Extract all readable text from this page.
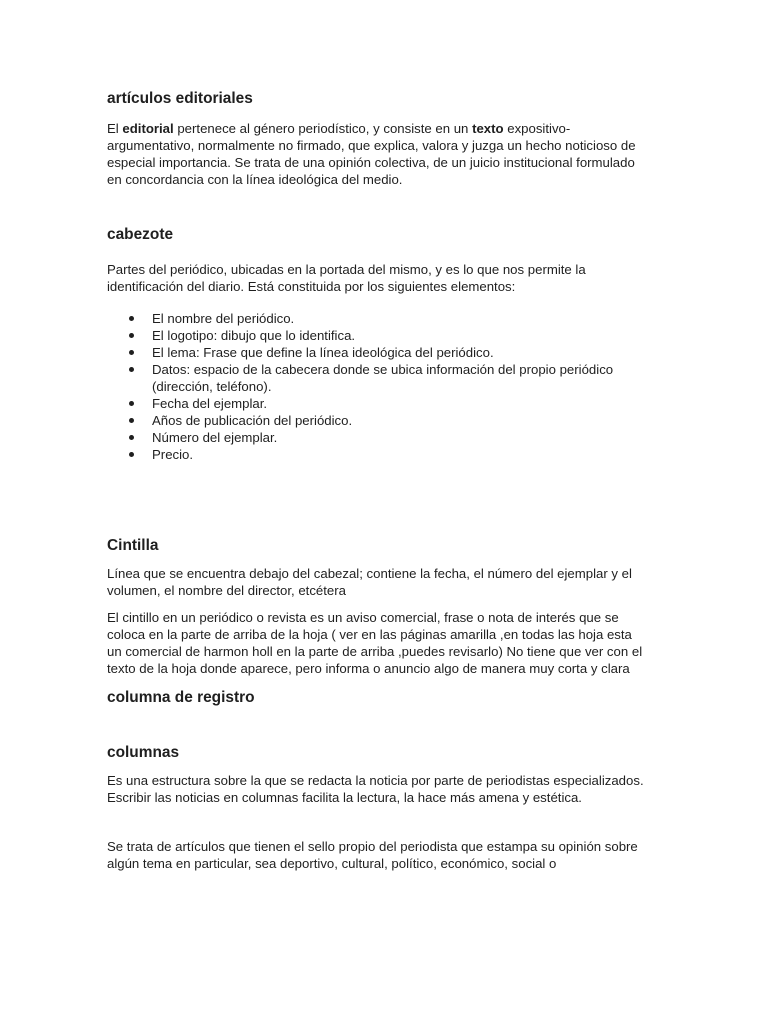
artículos editoriales

El editorial pertenece al género periodístico, y consiste en un texto expositivo-argumentativo, normalmente no firmado, que explica, valora y juzga un hecho noticioso de especial importancia. Se trata de una opinión colectiva, de un juicio institucional formulado en concordancia con la línea ideológica del medio.

cabezote

Partes del periódico, ubicadas en la portada del mismo, y es lo que nos permite la identificación del diario. Está constituida por los siguientes elementos:

El nombre del periódico.
El logotipo: dibujo que lo identifica.
El lema: Frase que define la línea ideológica del periódico.
Datos: espacio de la cabecera donde se ubica información del propio periódico (dirección, teléfono).
Fecha del ejemplar.
Años de publicación del periódico.
Número del ejemplar.
Precio.
Cintilla

Línea que se encuentra debajo del cabezal; contiene la fecha, el número del ejemplar y el volumen, el nombre del director, etcétera

El cintillo en un periódico o revista es un aviso comercial, frase o nota de interés que se coloca en la parte de arriba de la hoja ( ver en las páginas amarilla ,en todas las hoja esta un comercial de harmon holl en la parte de arriba ,puedes revisarlo) No tiene que ver con el texto de la hoja donde aparece, pero informa o anuncio algo de manera muy corta y clara

columna de registro
columnas

Es una estructura sobre la que se redacta la noticia por parte de periodistas especializados. Escribir las noticias en columnas facilita la lectura, la hace más amena y estética.

Se trata de artículos que tienen el sello propio del periodista que estampa su opinión sobre algún tema en particular, sea deportivo, cultural, político, económico, social o
